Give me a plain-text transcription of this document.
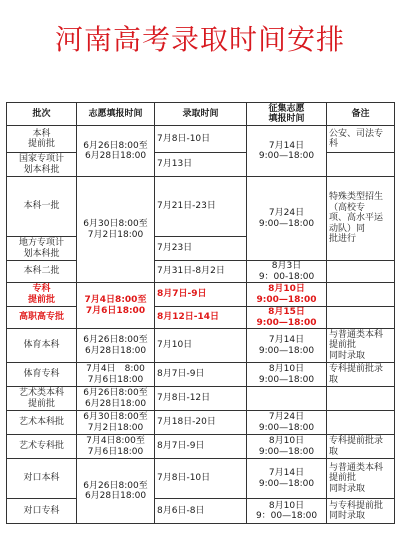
河南高考录取时间安排
批次	志愿填报时间	录取时间	征集志愿
填报时间	备注
本科
提前批	6月26日8:00至
6月28日18:00	7月8日-10日	7月14日
9:00—18:00	公安、司法专
科
国家专项计
划本科批		7月13日		
本科一批	6月30日8:00至
7月2日18:00	7月21日-23日	7月24日
9:00—18:00	特殊类型招生
（高校专
项、高水平运
动队）同
批进行
地方专项计
划本科批		7月23日		
本科二批		7月31日-8月2日	8月3日
9：00-18:00	
专科
提前批	7月4日8:00至
7月6日18:00	8月7日-9日	8月10日
9:00—18:00	
高职高专批		8月12日-14日	8月15日
9:00—18:00	
体育本科	6月26日8:00至
6月28日18:00	7月10日	7月14日
9:00—18:00	与普通类本科
提前批
同时录取
体育专科	7月4日　8:00
7月6日18:00	8月7日-9日	8月10日
9:00—18:00	专科提前批录
取
艺术类本科
提前批	6月26日8:00至
6月28日18:00	7月8日-12日		
艺术本科批	6月30日8:00至
7月2日18:00	7月18日-20日	7月24日
9:00—18:00	
艺术专科批	7月4日8:00至
7月6日18:00	8月7日-9日	8月10日
9:00—18:00	专科提前批录
取
对口本科	6月26日8:00至
6月28日18:00	7月8日-10日	7月14日
9:00—18:00	与普通类本科
提前批
同时录取
对口专科		8月6日-8日	8月10日
9：00—18:00	与专科提前批
同时录取
